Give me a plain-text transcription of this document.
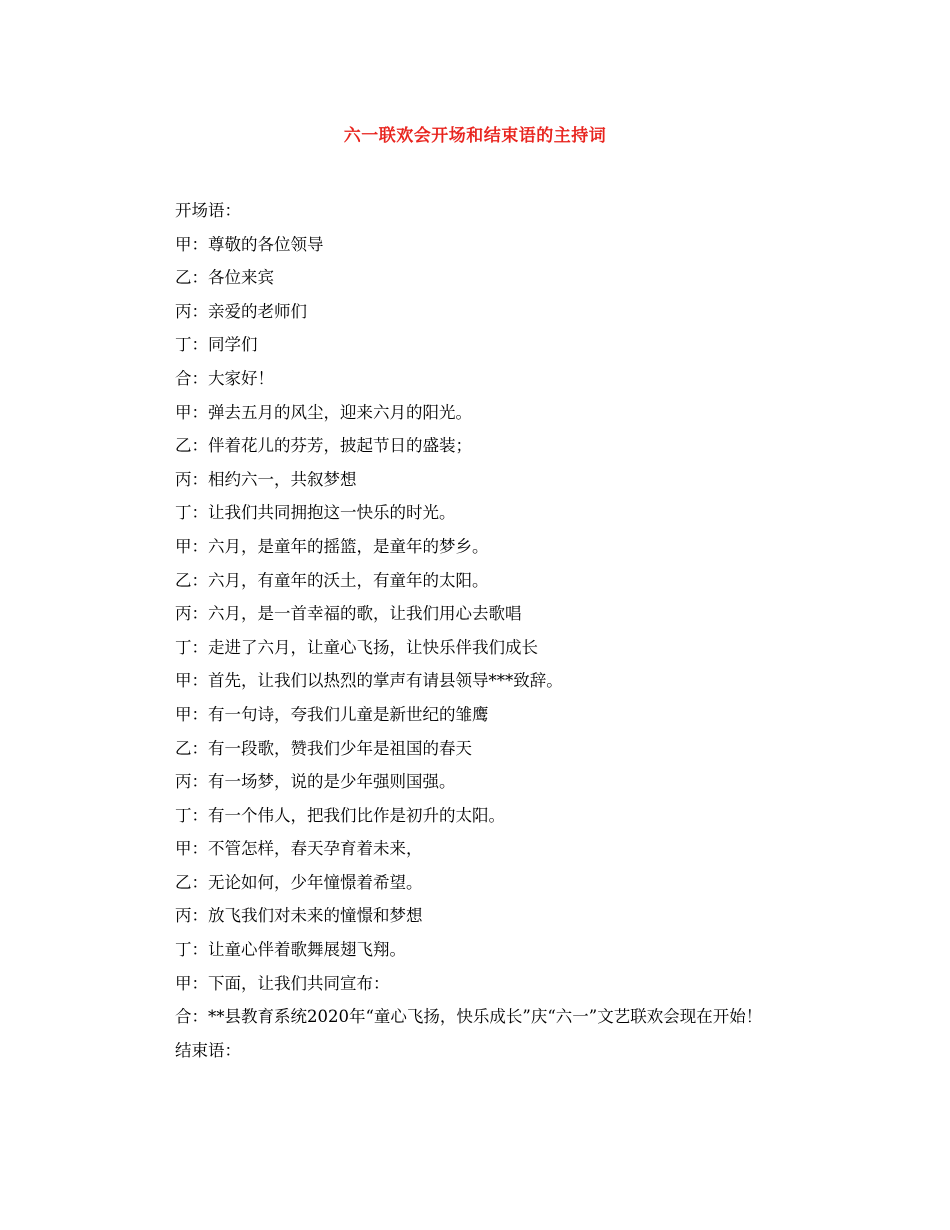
六一联欢会开场和结束语的主持词

开场语：

甲：尊敬的各位领导

乙：各位来宾

丙：亲爱的老师们

丁：同学们

合：大家好！

甲：弹去五月的风尘，迎来六月的阳光。

乙：伴着花儿的芬芳，披起节日的盛装；

丙：相约六一，共叙梦想

丁：让我们共同拥抱这一快乐的时光。

甲：六月，是童年的摇篮，是童年的梦乡。

乙：六月，有童年的沃土，有童年的太阳。

丙：六月，是一首幸福的歌，让我们用心去歌唱

丁：走进了六月，让童心飞扬，让快乐伴我们成长

甲：首先，让我们以热烈的掌声有请县领导***致辞。

甲：有一句诗，夸我们儿童是新世纪的雏鹰

乙：有一段歌，赞我们少年是祖国的春天

丙：有一场梦，说的是少年强则国强。

丁：有一个伟人，把我们比作是初升的太阳。

甲：不管怎样，春天孕育着未来，

乙：无论如何，少年憧憬着希望。

丙：放飞我们对未来的憧憬和梦想

丁：让童心伴着歌舞展翅飞翔。

甲：下面，让我们共同宣布：

合：**县教育系统2020年“童心飞扬，快乐成长”庆“六一”文艺联欢会现在开始！

结束语：
